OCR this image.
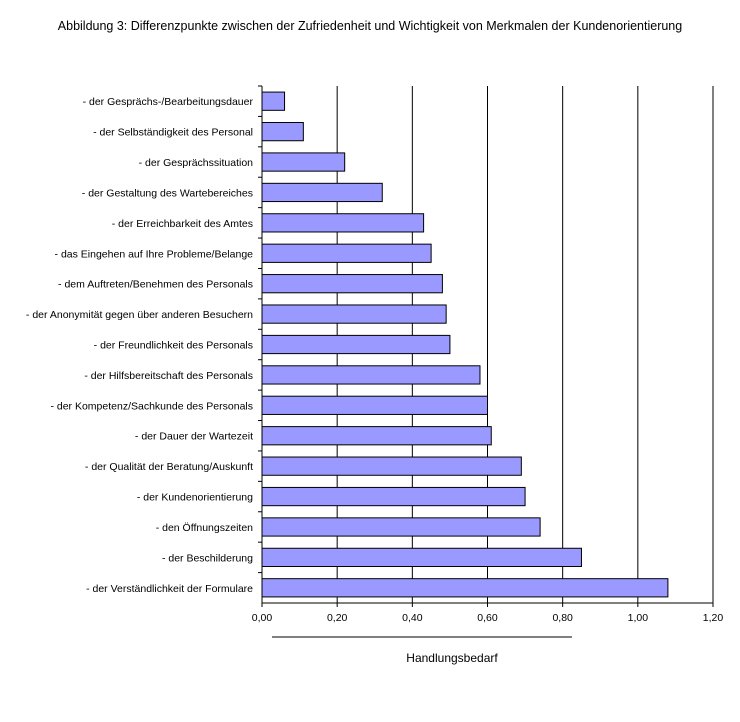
Abbildung 3: Differenzpunkte zwischen der Zufriedenheit und Wichtigkeit von Merkmalen der Kundenorientierung
- der Gesprächs-/Bearbeitungsdauer
- der Selbständigkeit des Personal
- der Gesprächssituation
- der Gestaltung des Wartebereiches
- der Erreichbarkeit des Amtes
- das Eingehen auf Ihre Probleme/Belange
- dem Auftreten/Benehmen des Personals
- der Anonymität gegen über anderen Besuchern
- der Freundlichkeit des Personals
- der Hilfsbereitschaft des Personals
- der Kompetenz/Sachkunde des Personals
- der Dauer der Wartezeit
- der Qualität der Beratung/Auskunft
- der Kundenorientierung
- den Öffnungszeiten
- der Beschilderung
- der Verständlichkeit der Formulare
0,00	0,20	0,40	0,60	0,80	1,00	1,20
Handlungsbedarf
